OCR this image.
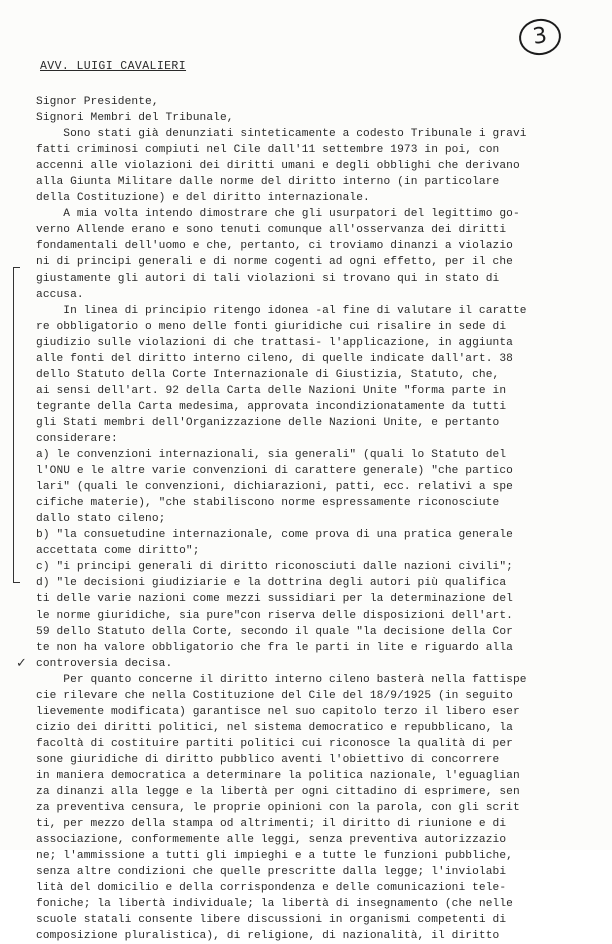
3
AVV. LUIGI CAVALIERI
✓
Signor Presidente,
Signori Membri del Tribunale,
Sono stati già denunziati sinteticamente a codesto Tribunale i gravi
fatti criminosi compiuti nel Cile dall'11 settembre 1973 in poi, con
accenni alle violazioni dei diritti umani e degli obblighi che derivano
alla Giunta Militare dalle norme del diritto interno (in particolare
della Costituzione) e del diritto internazionale.
A mia volta intendo dimostrare che gli usurpatori del legittimo go-
verno Allende erano e sono tenuti comunque all'osservanza dei diritti
fondamentali dell'uomo e che, pertanto, ci troviamo dinanzi a violazio
ni di principi generali e di norme cogenti ad ogni effetto, per il che
giustamente gli autori di tali violazioni si trovano qui in stato di
accusa.
In linea di principio ritengo idonea -al fine di valutare il caratte
re obbligatorio o meno delle fonti giuridiche cui risalire in sede di
giudizio sulle violazioni di che trattasi- l'applicazione, in aggiunta
alle fonti del diritto interno cileno, di quelle indicate dall'art. 38
dello Statuto della Corte Internazionale di Giustizia, Statuto, che,
ai sensi dell'art. 92 della Carta delle Nazioni Unite "forma parte in
tegrante della Carta medesima, approvata incondizionatamente da tutti
gli Stati membri dell'Organizzazione delle Nazioni Unite, e pertanto
considerare:
a) le convenzioni internazionali, sia generali" (quali lo Statuto del
l'ONU e le altre varie convenzioni di carattere generale) "che partico
lari" (quali le convenzioni, dichiarazioni, patti, ecc. relativi a spe
cifiche materie), "che stabiliscono norme espressamente riconosciute
dallo stato cileno;
b) "la consuetudine internazionale, come prova di una pratica generale
accettata come diritto";
c) "i principi generali di diritto riconosciuti dalle nazioni civili";
d) "le decisioni giudiziarie e la dottrina degli autori più qualifica
ti delle varie nazioni come mezzi sussidiari per la determinazione del
le norme giuridiche, sia pure"con riserva delle disposizioni dell'art.
59 dello Statuto della Corte, secondo il quale "la decisione della Cor
te non ha valore obbligatorio che fra le parti in lite e riguardo alla
controversia decisa.
Per quanto concerne il diritto interno cileno basterà nella fattispe
cie rilevare che nella Costituzione del Cile del 18/9/1925 (in seguito
lievemente modificata) garantisce nel suo capitolo terzo il libero eser
cizio dei diritti politici, nel sistema democratico e repubblicano, la
facoltà di costituire partiti politici cui riconosce la qualità di per
sone giuridiche di diritto pubblico aventi l'obiettivo di concorrere
in maniera democratica a determinare la politica nazionale, l'eguaglian
za dinanzi alla legge e la libertà per ogni cittadino di esprimere, sen
za preventiva censura, le proprie opinioni con la parola, con gli scrit
ti, per mezzo della stampa od altrimenti; il diritto di riunione e di
associazione, conformemente alle leggi, senza preventiva autorizzazio
ne; l'ammissione a tutti gli impieghi e a tutte le funzioni pubbliche,
senza altre condizioni che quelle prescritte dalla legge; l'inviolabi
lità del domicilio e della corrispondenza e delle comunicazioni tele-
foniche; la libertà individuale; la libertà di insegnamento (che nelle
scuole statali consente libere discussioni in organismi competenti di
composizione pluralistica), di religione, di nazionalità, il diritto
